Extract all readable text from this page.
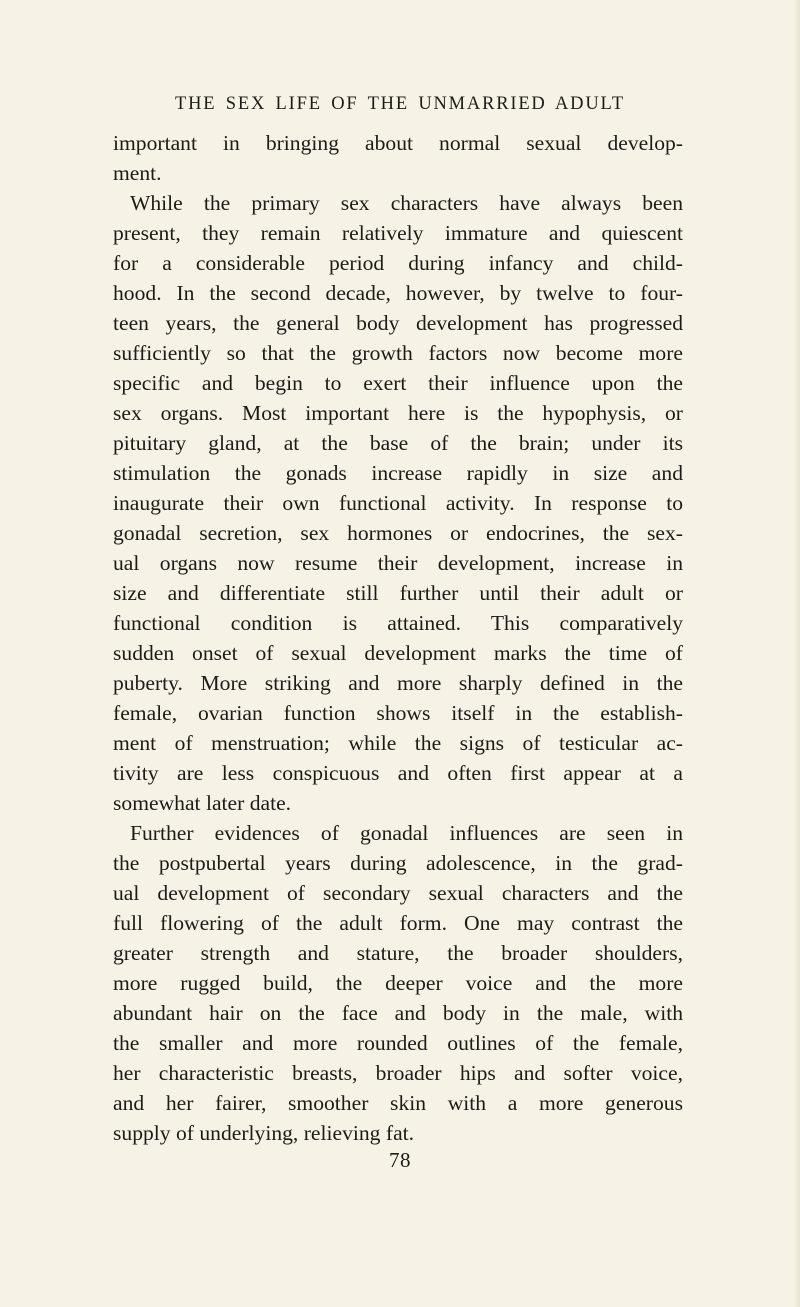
THE SEX LIFE OF THE UNMARRIED ADULT
important in bringing about normal sexual develop-
ment.
While the primary sex characters have always been
present, they remain relatively immature and quiescent
for a considerable period during infancy and child-
hood. In the second decade, however, by twelve to four-
teen years, the general body development has progressed
sufficiently so that the growth factors now become more
specific and begin to exert their influence upon the
sex organs. Most important here is the hypophysis, or
pituitary gland, at the base of the brain; under its
stimulation the gonads increase rapidly in size and
inaugurate their own functional activity. In response to
gonadal secretion, sex hormones or endocrines, the sex-
ual organs now resume their development, increase in
size and differentiate still further until their adult or
functional condition is attained. This comparatively
sudden onset of sexual development marks the time of
puberty. More striking and more sharply defined in the
female, ovarian function shows itself in the establish-
ment of menstruation; while the signs of testicular ac-
tivity are less conspicuous and often first appear at a
somewhat later date.
Further evidences of gonadal influences are seen in
the postpubertal years during adolescence, in the grad-
ual development of secondary sexual characters and the
full flowering of the adult form. One may contrast the
greater strength and stature, the broader shoulders,
more rugged build, the deeper voice and the more
abundant hair on the face and body in the male, with
the smaller and more rounded outlines of the female,
her characteristic breasts, broader hips and softer voice,
and her fairer, smoother skin with a more generous
supply of underlying, relieving fat.
78
